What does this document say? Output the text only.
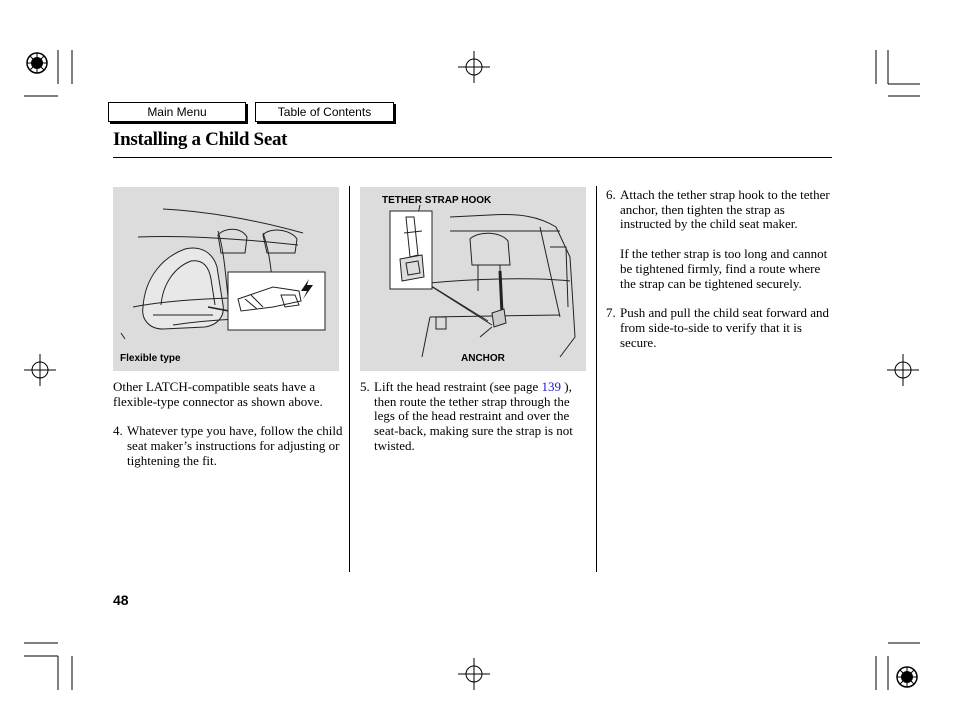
Main Menu	Table of Contents
Installing a Child Seat
Flexible type
TETHER STRAP HOOK
ANCHOR
Other LATCH-compatible seats have a flexible-type connector as shown above.
4. Whatever type you have, follow the child seat maker’s instructions for adjusting or tightening the fit.
5. Lift the head restraint (see page 139 ), then route the tether strap through the legs of the head restraint and over the seat-back, making sure the strap is not twisted.
6. Attach the tether strap hook to the tether anchor, then tighten the strap as instructed by the child seat maker.
If the tether strap is too long and cannot be tightened firmly, find a route where the strap can be tightened securely.
7. Push and pull the child seat forward and from side-to-side to verify that it is secure.
48
